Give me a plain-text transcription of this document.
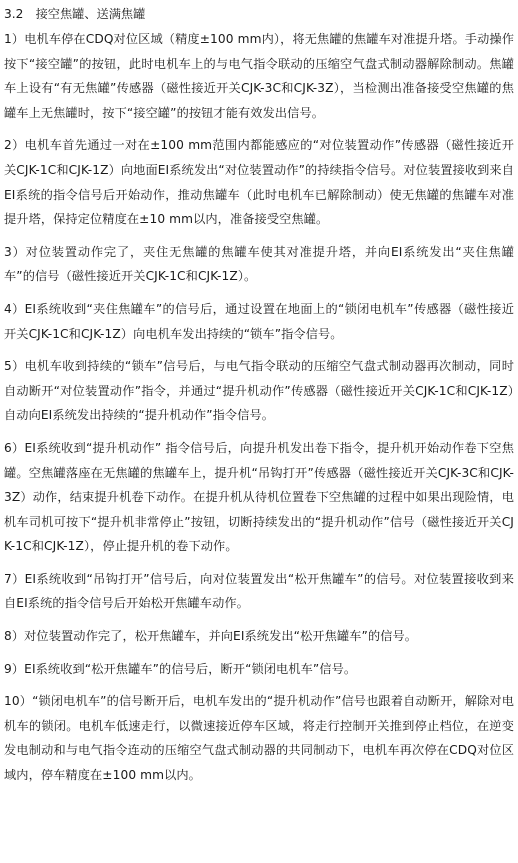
3.2　接空焦罐、送满焦罐

1）电机车停在CDQ对位区域（精度±100 mm内），将无焦罐的焦罐车对准提升塔。手动操作按下“接空罐”的按钮，此时电机车上的与电气指令联动的压缩空气盘式制动器解除制动。焦罐车上设有“有无焦罐”传感器（磁性接近开关CJK-3C和CJK-3Z），当检测出准备接受空焦罐的焦罐车上无焦罐时，按下“接空罐”的按钮才能有效发出信号。

2）电机车首先通过一对在±100 mm范围内都能感应的“对位装置动作”传感器（磁性接近开关CJK-1C和CJK-1Z）向地面EI系统发出“对位装置动作”的持续指令信号。对位装置接收到来自EI系统的指令信号后开始动作，推动焦罐车（此时电机车已解除制动）使无焦罐的焦罐车对准提升塔，保持定位精度在±10 mm以内，准备接受空焦罐。

3）对位装置动作完了，夹住无焦罐的焦罐车使其对准提升塔，并向EI系统发出“夹住焦罐车”的信号（磁性接近开关CJK-1C和CJK-1Z）。

4）EI系统收到“夹住焦罐车”的信号后，通过设置在地面上的“锁闭电机车”传感器（磁性接近开关CJK-1C和CJK-1Z）向电机车发出持续的“锁车”指令信号。

5）电机车收到持续的“锁车”信号后，与电气指令联动的压缩空气盘式制动器再次制动，同时自动断开“对位装置动作”指令，并通过“提升机动作”传感器（磁性接近开关CJK-1C和CJK-1Z）自动向EI系统发出持续的“提升机动作”指令信号。

6）EI系统收到“提升机动作” 指令信号后，向提升机发出卷下指令，提升机开始动作卷下空焦罐。空焦罐落座在无焦罐的焦罐车上，提升机“吊钩打开”传感器（磁性接近开关CJK-3C和CJK-3Z）动作，结束提升机卷下动作。在提升机从待机位置卷下空焦罐的过程中如果出现险情，电机车司机可按下“提升机非常停止”按钮，切断持续发出的“提升机动作”信号（磁性接近开关CJK-1C和CJK-1Z），停止提升机的卷下动作。

7）EI系统收到“吊钩打开”信号后，向对位装置发出“松开焦罐车”的信号。对位装置接收到来自EI系统的指令信号后开始松开焦罐车动作。

8）对位装置动作完了，松开焦罐车，并向EI系统发出“松开焦罐车”的信号。

9）EI系统收到“松开焦罐车”的信号后，断开“锁闭电机车”信号。

10）“锁闭电机车”的信号断开后，电机车发出的“提升机动作”信号也跟着自动断开，解除对电机车的锁闭。电机车低速走行，以微速接近停车区域，将走行控制开关推到停止档位，在逆变发电制动和与电气指令连动的压缩空气盘式制动器的共同制动下，电机车再次停在CDQ对位区域内，停车精度在±100 mm以内。
